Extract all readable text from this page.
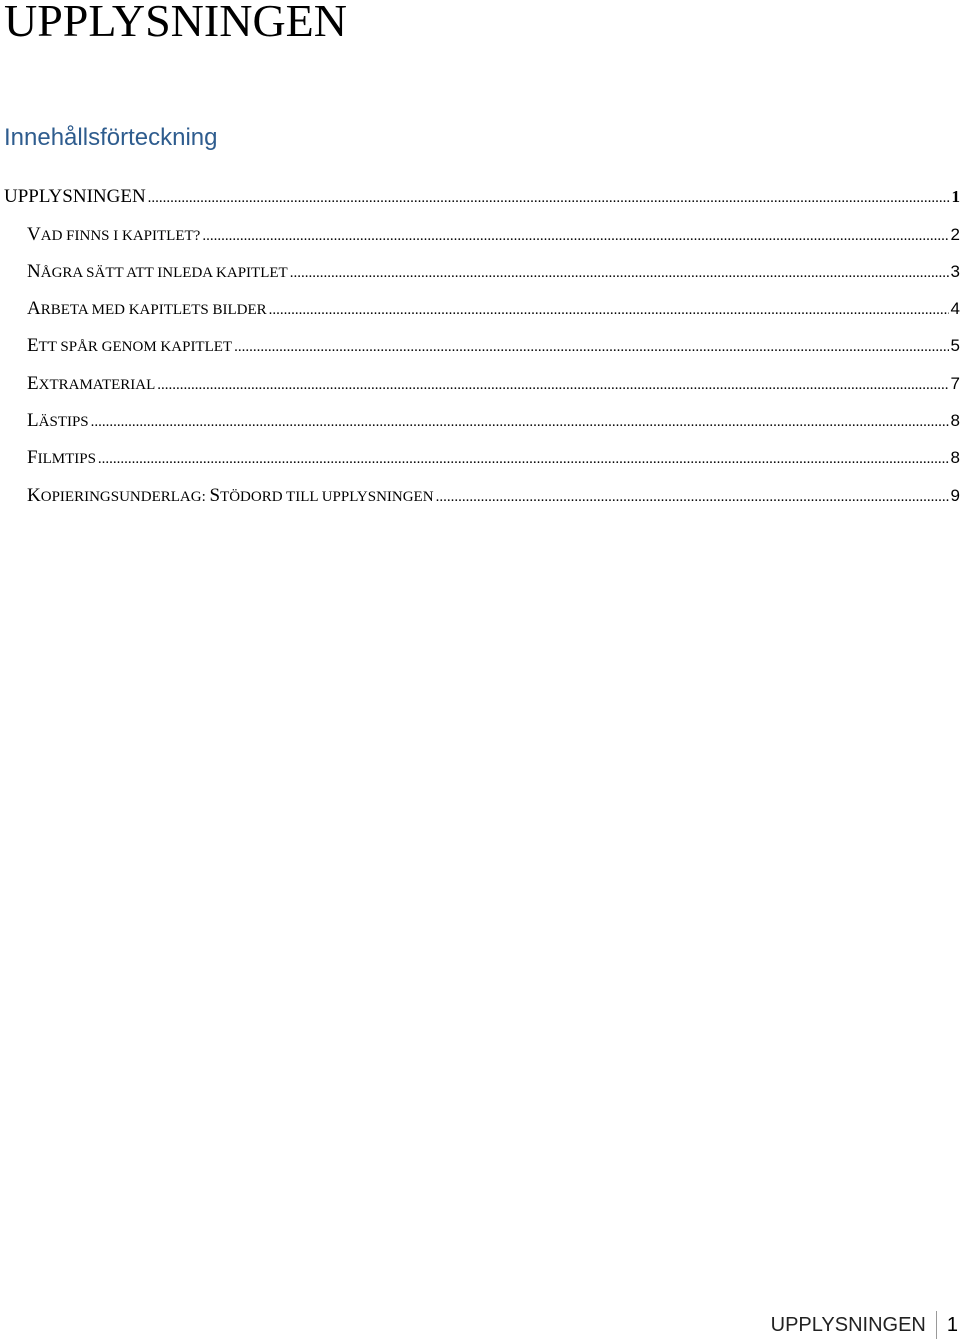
UPPLYSNINGEN
Innehållsförteckning
UPPLYSNINGEN .....	1
VAD FINNS I KAPITLET? .....	2
NÅGRA SÄTT ATT INLEDA KAPITLET .....	3
ARBETA MED KAPITLETS BILDER .....	4
ETT SPÅR GENOM KAPITLET .....	5
EXTRAMATERIAL .....	7
LÄSTIPS .....	8
FILMTIPS .....	8
KOPIERINGSUNDERLAG: STÖDORD TILL UPPLYSNINGEN .....	9
UPPLYSNINGEN	1
